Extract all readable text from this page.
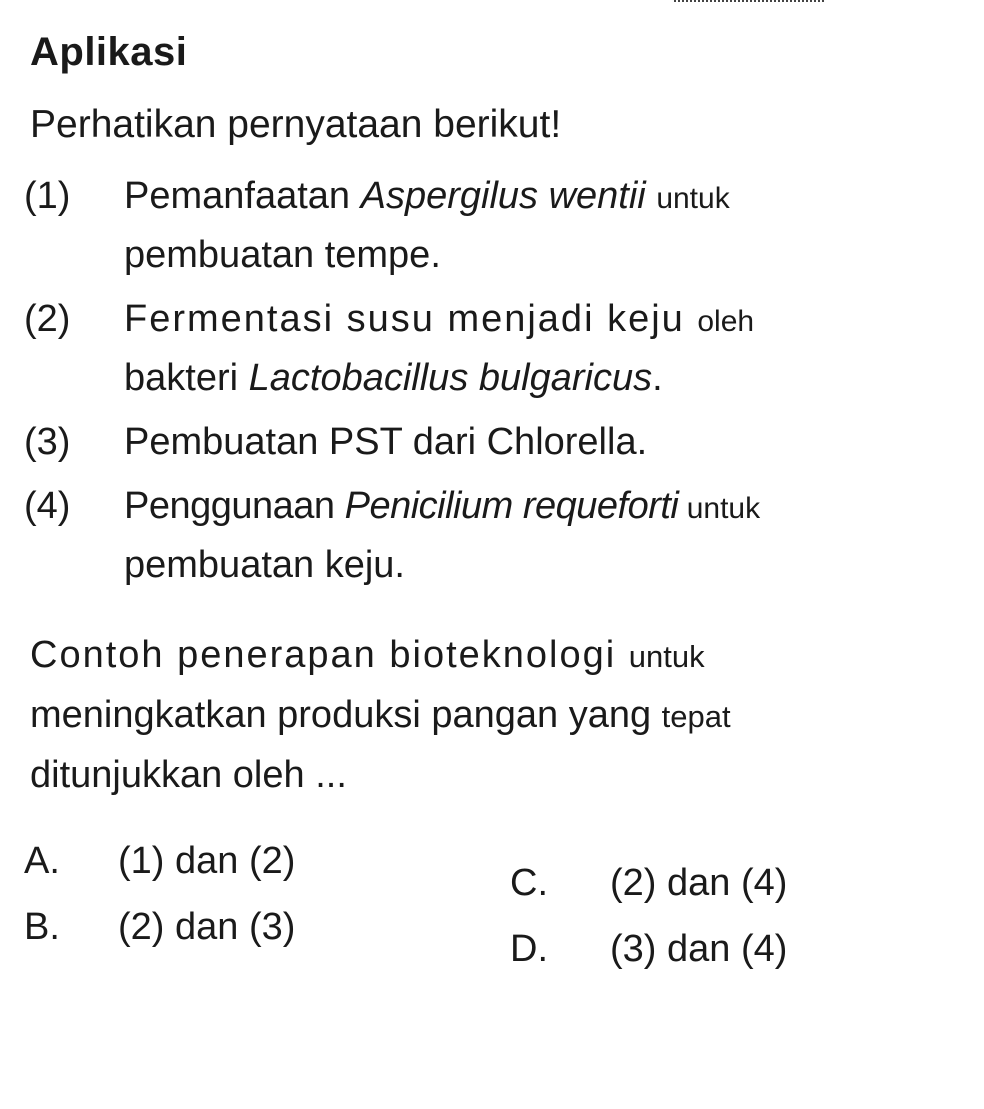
Aplikasi
Perhatikan pernyataan berikut!
(1) Pemanfaatan Aspergilus wentii untuk
pembuatan tempe.
(2) Fermentasi susu menjadi keju oleh
bakteri Lactobacillus bulgaricus.
(3) Pembuatan PST dari Chlorella.
(4) Penggunaan Penicilium requeforti untuk
pembuatan keju.
Contoh penerapan bioteknologi untuk
meningkatkan produksi pangan yang tepat
ditunjukkan oleh ...
A. (1) dan (2)
B. (2) dan (3)
C. (2) dan (4)
D. (3) dan (4)
